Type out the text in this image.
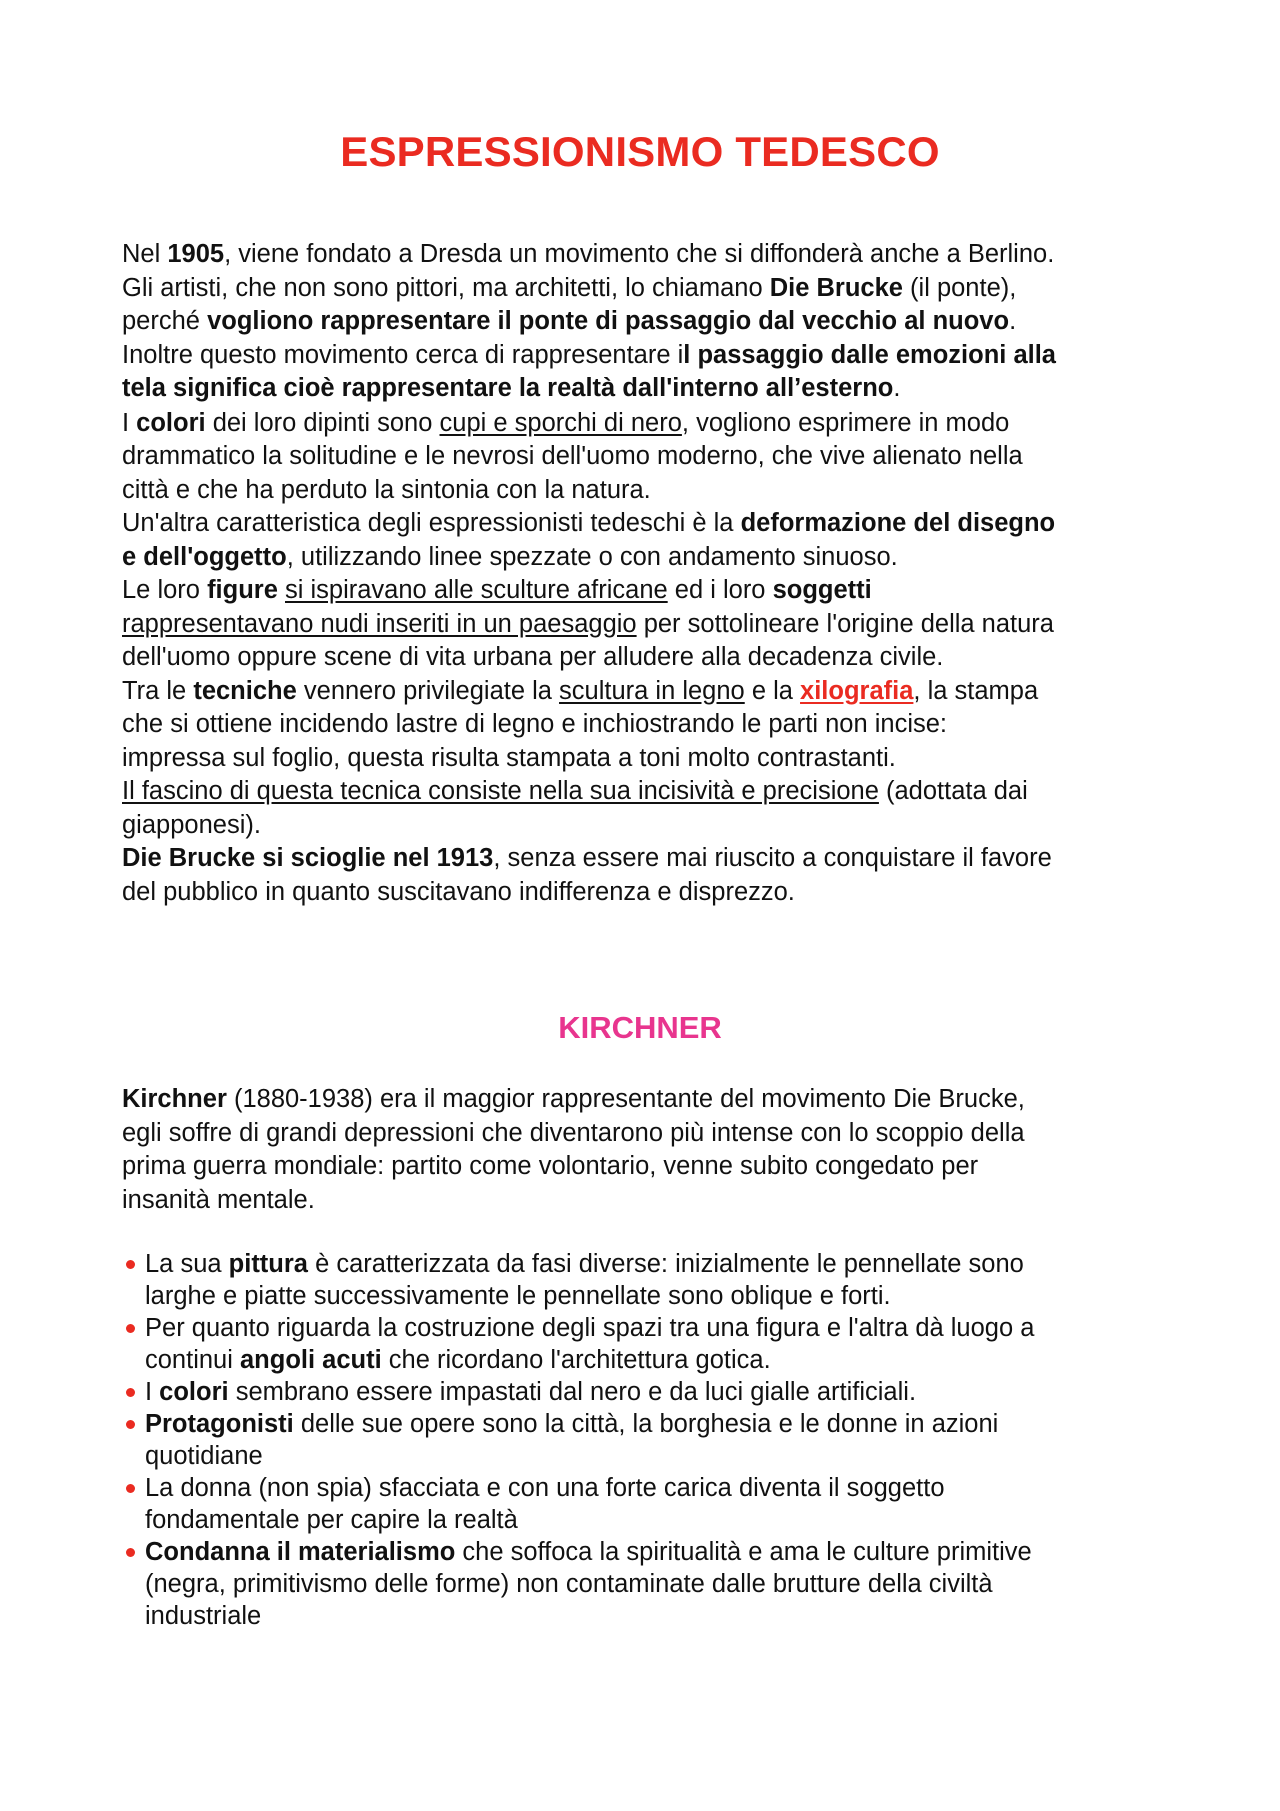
ESPRESSIONISMO TEDESCO
Nel 1905, viene fondato a Dresda un movimento che si diffonderà anche a Berlino.
Gli artisti, che non sono pittori, ma architetti, lo chiamano Die Brucke (il ponte),
perché vogliono rappresentare il ponte di passaggio dal vecchio al nuovo.
Inoltre questo movimento cerca di rappresentare il passaggio dalle emozioni alla
tela significa cioè rappresentare la realtà dall'interno all’esterno.
I colori dei loro dipinti sono cupi e sporchi di nero, vogliono esprimere in modo
drammatico la solitudine e le nevrosi dell'uomo moderno, che vive alienato nella
città e che ha perduto la sintonia con la natura.
Un'altra caratteristica degli espressionisti tedeschi è la deformazione del disegno
e dell'oggetto, utilizzando linee spezzate o con andamento sinuoso.
Le loro figure si ispiravano alle sculture africane ed i loro soggetti
rappresentavano nudi inseriti in un paesaggio per sottolineare l'origine della natura
dell'uomo oppure scene di vita urbana per alludere alla decadenza civile.
Tra le tecniche vennero privilegiate la scultura in legno e la xilografia, la stampa
che si ottiene incidendo lastre di legno e inchiostrando le parti non incise:
impressa sul foglio, questa risulta stampata a toni molto contrastanti.
Il fascino di questa tecnica consiste nella sua incisività e precisione (adottata dai
giapponesi).
Die Brucke si scioglie nel 1913, senza essere mai riuscito a conquistare il favore
del pubblico in quanto suscitavano indifferenza e disprezzo.
KIRCHNER
Kirchner (1880-1938) era il maggior rappresentante del movimento Die Brucke,
egli soffre di grandi depressioni che diventarono più intense con lo scoppio della
prima guerra mondiale: partito come volontario, venne subito congedato per
insanità mentale.
La sua pittura è caratterizzata da fasi diverse: inizialmente le pennellate sono
larghe e piatte successivamente le pennellate sono oblique e forti.
Per quanto riguarda la costruzione degli spazi tra una figura e l'altra dà luogo a
continui angoli acuti che ricordano l'architettura gotica.
I colori sembrano essere impastati dal nero e da luci gialle artificiali.
Protagonisti delle sue opere sono la città, la borghesia e le donne in azioni
quotidiane
La donna (non spia) sfacciata e con una forte carica diventa il soggetto
fondamentale per capire la realtà
Condanna il materialismo che soffoca la spiritualità e ama le culture primitive
(negra, primitivismo delle forme) non contaminate dalle brutture della civiltà
industriale
